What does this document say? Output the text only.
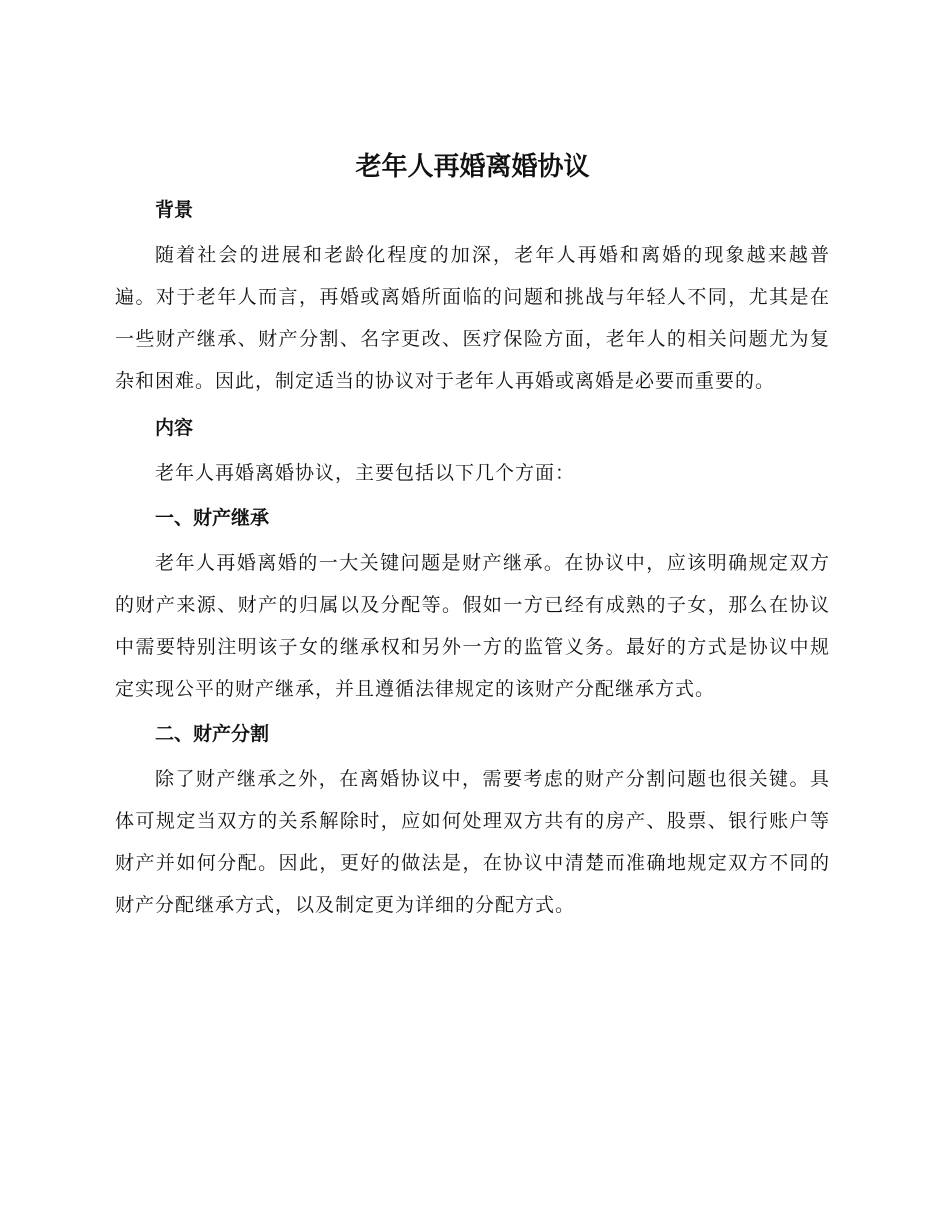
老年人再婚离婚协议
背景

随着社会的进展和老龄化程度的加深，老年人再婚和离婚的现象越来越普遍。对于老年人而言，再婚或离婚所面临的问题和挑战与年轻人不同，尤其是在一些财产继承、财产分割、名字更改、医疗保险方面，老年人的相关问题尤为复杂和困难。因此，制定适当的协议对于老年人再婚或离婚是必要而重要的。

内容

老年人再婚离婚协议，主要包括以下几个方面：

一、财产继承

老年人再婚离婚的一大关键问题是财产继承。在协议中，应该明确规定双方的财产来源、财产的归属以及分配等。假如一方已经有成熟的子女，那么在协议中需要特别注明该子女的继承权和另外一方的监管义务。最好的方式是协议中规定实现公平的财产继承，并且遵循法律规定的该财产分配继承方式。

二、财产分割

除了财产继承之外，在离婚协议中，需要考虑的财产分割问题也很关键。具体可规定当双方的关系解除时，应如何处理双方共有的房产、股票、银行账户等财产并如何分配。因此，更好的做法是，在协议中清楚而准确地规定双方不同的财产分配继承方式，以及制定更为详细的分配方式。
